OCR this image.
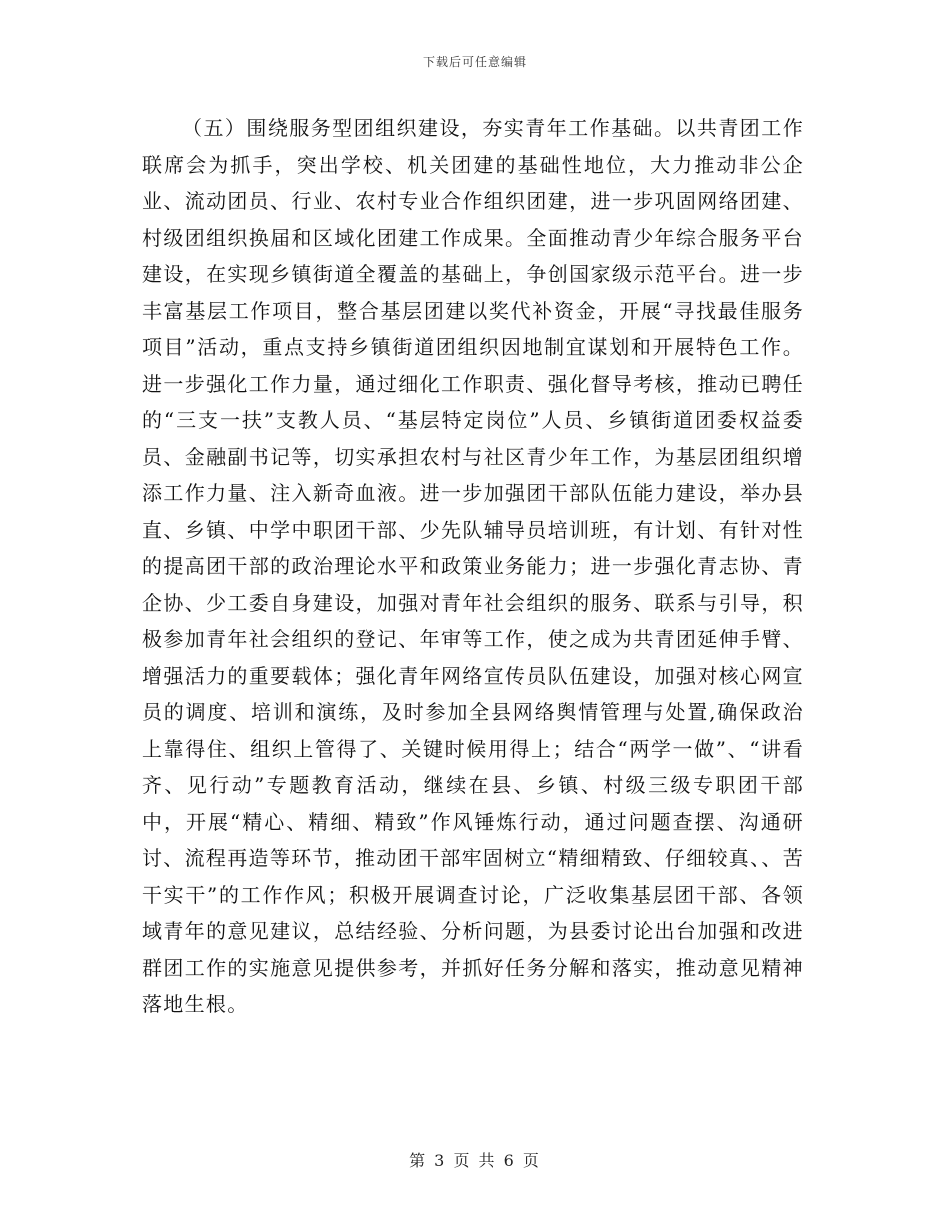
下载后可任意编辑

（五）围绕服务型团组织建设，夯实青年工作基础。以共青团工作联席会为抓手，突出学校、机关团建的基础性地位，大力推动非公企业、流动团员、行业、农村专业合作组织团建，进一步巩固网络团建、村级团组织换届和区域化团建工作成果。全面推动青少年综合服务平台建设，在实现乡镇街道全覆盖的基础上，争创国家级示范平台。进一步丰富基层工作项目，整合基层团建以奖代补资金，开展“寻找最佳服务项目”活动，重点支持乡镇街道团组织因地制宜谋划和开展特色工作。进一步强化工作力量，通过细化工作职责、强化督导考核，推动已聘任的“三支一扶”支教人员、“基层特定岗位”人员、乡镇街道团委权益委员、金融副书记等，切实承担农村与社区青少年工作，为基层团组织增添工作力量、注入新奇血液。进一步加强团干部队伍能力建设，举办县直、乡镇、中学中职团干部、少先队辅导员培训班，有计划、有针对性的提高团干部的政治理论水平和政策业务能力；进一步强化青志协、青企协、少工委自身建设，加强对青年社会组织的服务、联系与引导，积极参加青年社会组织的登记、年审等工作，使之成为共青团延伸手臂、增强活力的重要载体；强化青年网络宣传员队伍建设，加强对核心网宣员的调度、培训和演练，及时参加全县网络舆情管理与处置,确保政治上靠得住、组织上管得了、关键时候用得上；结合“两学一做”、“讲看齐、见行动”专题教育活动，继续在县、乡镇、村级三级专职团干部中，开展“精心、精细、精致”作风锤炼行动，通过问题查摆、沟通研讨、流程再造等环节，推动团干部牢固树立“精细精致、仔细较真、、苦干实干”的工作作风；积极开展调查讨论，广泛收集基层团干部、各领域青年的意见建议，总结经验、分析问题，为县委讨论出台加强和改进群团工作的实施意见提供参考，并抓好任务分解和落实，推动意见精神落地生根。

第 3 页 共 6 页
